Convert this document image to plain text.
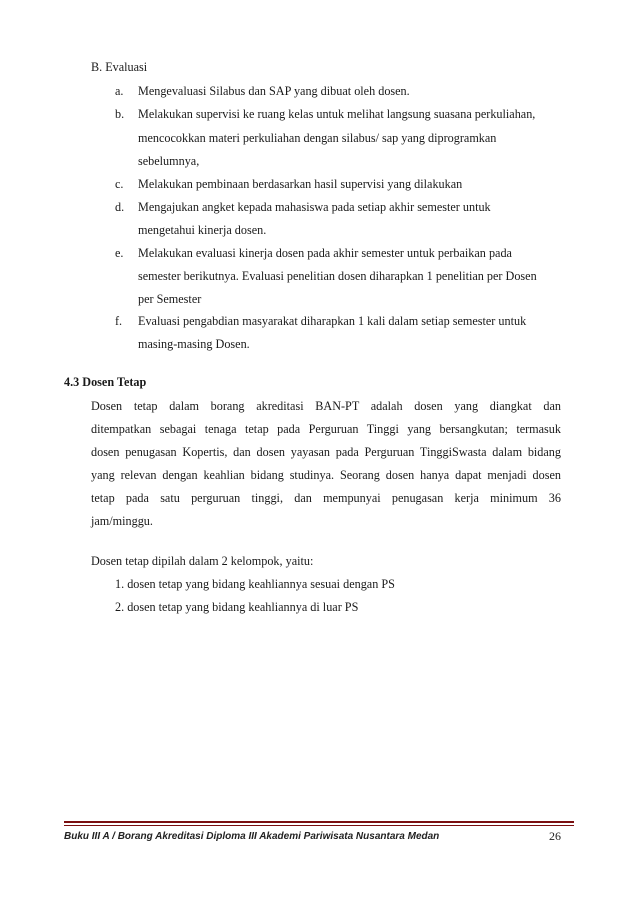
B. Evaluasi
a. Mengevaluasi Silabus dan SAP yang dibuat oleh dosen.
b. Melakukan supervisi ke ruang kelas untuk melihat langsung suasana perkuliahan,
mencocokkan materi perkuliahan dengan silabus/ sap yang diprogramkan
sebelumnya,
c. Melakukan pembinaan berdasarkan hasil supervisi yang dilakukan
d. Mengajukan angket kepada mahasiswa pada setiap akhir semester untuk
mengetahui kinerja dosen.
e. Melakukan evaluasi kinerja dosen pada akhir semester untuk perbaikan pada
semester berikutnya. Evaluasi penelitian dosen diharapkan 1 penelitian per Dosen
per Semester
f. Evaluasi pengabdian masyarakat diharapkan 1 kali dalam setiap semester untuk
masing-masing Dosen.
4.3 Dosen Tetap
Dosen tetap dalam borang akreditasi BAN-PT adalah dosen yang diangkat dan
ditempatkan sebagai tenaga tetap pada Perguruan Tinggi yang bersangkutan; termasuk
dosen penugasan Kopertis, dan dosen yayasan pada Perguruan TinggiSwasta dalam bidang
yang relevan dengan keahlian bidang studinya. Seorang dosen hanya dapat menjadi dosen
tetap pada satu perguruan tinggi, dan mempunyai penugasan kerja minimum 36
jam/minggu.
Dosen tetap dipilah dalam 2 kelompok, yaitu:
1. dosen tetap yang bidang keahliannya sesuai dengan PS
2. dosen tetap yang bidang keahliannya di luar PS
Buku III A / Borang Akreditasi Diploma III Akademi Pariwisata Nusantara Medan	26
